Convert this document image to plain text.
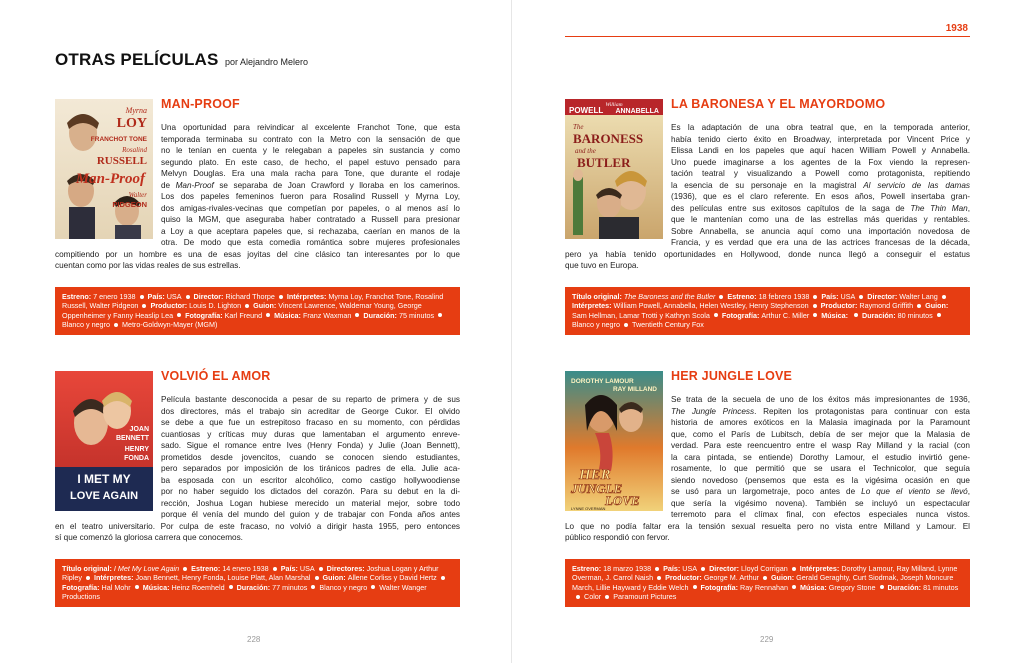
1938
OTRAS PELÍCULAS por Alejandro Melero
Myrna
LOY
FRANCHOT TONE
Rosalind
RUSSELL
Man-Proof
Walter
PIDGEON
MAN-PROOF
Una oportunidad para reivindicar al excelente Franchot Tone, que esta
temporada terminaba su contrato con la Metro con la sensación de que
no le tenían en cuenta y le relegaban a papeles sin sustancia y como
segundo plato. En este caso, de hecho, el papel estuvo pensado para
Melvyn Douglas. Era una mala racha para Tone, que durante el rodaje
de Man-Proof se separaba de Joan Crawford y lloraba en los camerinos.
Los dos papeles femeninos fueron para Rosalind Russell y Myrna Loy,
dos amigas-rivales-vecinas que competían por papeles, o al menos así lo
quiso la MGM, que aseguraba haber contratado a Russell para presionar
a Loy a que aceptara papeles que, si rechazaba, caerían en manos de la
otra. De modo que esta comedia romántica sobre mujeres profesionales
compitiendo por un hombre es una de esas joyitas del cine clásico tan interesantes por lo que
cuentan como por las vidas reales de sus estrellas.
Estreno: 7 enero 1938 País: USA Director: Richard Thorpe Intérpretes: Myrna Loy, Franchot Tone, Rosalind Russell, Walter Pidgeon Productor: Louis D. Lighton Guion: Vincent Lawrence, Waldemar Young, George Oppenheimer y Fanny Heaslip Lea Fotografía: Karl Freund Música: Franz Waxman Duración: 75 minutosBlanco y negro Metro-Goldwyn-Mayer (MGM)
William
POWELL ANNABELLA
The
BARONESS
and the
BUTLER
LA BARONESA Y EL MAYORDOMO
Es la adaptación de una obra teatral que, en la temporada anterior,
había tenido cierto éxito en Broadway, interpretada por Vincent Price y
Elissa Landi en los papeles que aquí hacen William Powell y Annabella.
Uno puede imaginarse a los agentes de la Fox viendo la represen-
tación teatral y visualizando a Powell como protagonista, repitiendo
la esencia de su personaje en la magistral Al servicio de las damas
(1936), que es el claro referente. En esos años, Powell insertaba gran-
des películas entre sus exitosos capítulos de la saga de The Thin Man,
que le mantenían como una de las estrellas más queridas y rentables.
Sobre Annabella, se anuncia aquí como una importación novedosa de
Francia, y es verdad que era una de las actrices francesas de la década,
pero ya había tenido oportunidades en Hollywood, donde nunca llegó a conseguir el estatus
que tuvo en Europa.
Título original: The Baroness and the Butler Estreno: 18 febrero 1938 País: USA Director: Walter LangIntérpretes: William Powell, Annabella, Helen Westley, Henry Stephenson Productor: Raymond Griffith Guion: Sam Hellman, Lamar Trotti y Kathryn Scola Fotografía: Arthur C. Miller Música: Duración: 80 minutosBlanco y negro Twentieth Century Fox
JOAN
BENNETT
HENRY
FONDA
I MET MY
LOVE AGAIN
VOLVIÓ EL AMOR
Película bastante desconocida a pesar de su reparto de primera y de sus
dos directores, más el trabajo sin acreditar de George Cukor. El olvido
se debe a que fue un estrepitoso fracaso en su momento, con pérdidas
cuantiosas y críticas muy duras que lamentaban el argumento enreve-
sado. Sigue el romance entre Ives (Henry Fonda) y Julie (Joan Bennett),
prometidos desde jovencitos, cuando se conocen siendo estudiantes,
pero separados por imposición de los tiránicos padres de ella. Julie aca-
ba esposada con un escritor alcohólico, como castigo hollywoodiense
por no haber seguido los dictados del corazón. Para su debut en la di-
rección, Joshua Logan hubiese merecido un material mejor, sobre todo
porque él venía del mundo del guion y de trabajar con Fonda años antes
en el teatro universitario. Por culpa de este fracaso, no volvió a dirigir hasta 1955, pero entonces
sí que comenzó la gloriosa carrera que conocemos.
Título original: I Met My Love Again Estreno: 14 enero 1938 País: USA Directores: Joshua Logan y Arthur Ripley Intérpretes: Joan Bennett, Henry Fonda, Louise Platt, Alan Marshal Guion: Allene Corliss y David HertzFotografía: Hal Mohr Música: Heinz Roemheld Duración: 77 minutos Blanco y negro Walter Wanger Productions
DOROTHY LAMOUR
RAY MILLAND
HER
JUNGLE
LOVE
LYNNE OVERMAN
HER JUNGLE LOVE
Se trata de la secuela de uno de los éxitos más impresionantes de 1936,
The Jungle Princess. Repiten los protagonistas para continuar con esta
historia de amores exóticos en la Malasia imaginada por la Paramount
que, como el París de Lubitsch, debía de ser mejor que la Malasia de
verdad. Para este reencuentro entre el wasp Ray Milland y la racial (con
la cara pintada, se entiende) Dorothy Lamour, el estudio invirtió gene-
rosamente, lo que permitió que se usara el Technicolor, que seguía
siendo novedoso (pensemos que esta es la vigésima ocasión en que
se usó para un largometraje, poco antes de Lo que el viento se llevó,
que sería la vigésimo novena). También se incluyó un espectacular
terremoto para el clímax final, con efectos especiales nunca vistos.
Lo que no podía faltar era la tensión sexual resuelta pero no vista entre Milland y Lamour. El
público respondió con fervor.
Estreno: 18 marzo 1938 País: USA Director: Lloyd Corrigan Intérpretes: Dorothy Lamour, Ray Milland, Lynne Overman, J. Carrol Naish Productor: George M. Arthur Guion: Gerald Geraghty, Curt Siodmak, Joseph Moncure March, Lillie Hayward y Eddie Welch Fotografía: Ray Rennahan Música: Gregory Stone Duración: 81 minutosColor Paramount Pictures
228	229
